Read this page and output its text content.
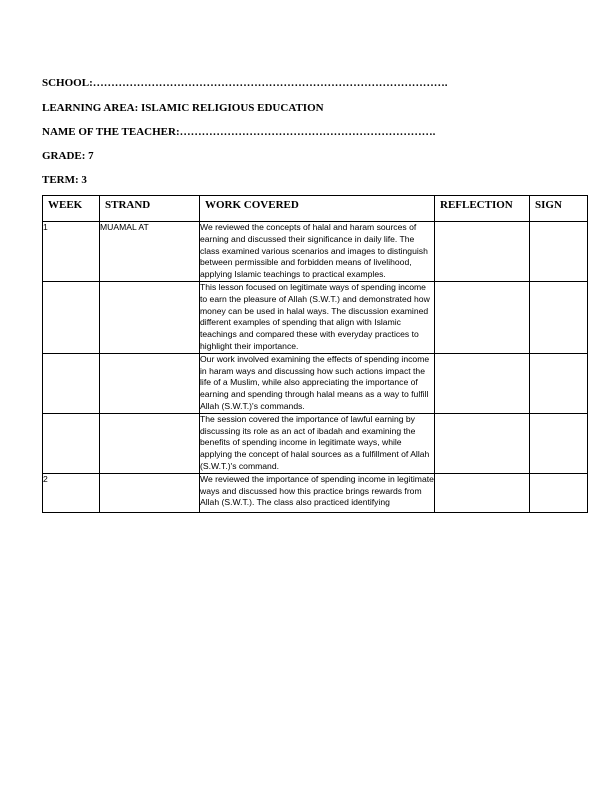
SCHOOL:…………………………………………………………………………………….
LEARNING AREA: ISLAMIC RELIGIOUS EDUCATION
NAME OF THE TEACHER:…………………………………………………………….
GRADE: 7
TERM: 3
WEEK	STRAND	WORK COVERED	REFLECTION	SIGN
1	MUAMAL AT	We reviewed the concepts of halal and haram sources of earning and discussed their significance in daily life. The class examined various scenarios and images to distinguish between permissible and forbidden means of livelihood, applying Islamic teachings to practical examples.		
		This lesson focused on legitimate ways of spending income to earn the pleasure of Allah (S.W.T.) and demonstrated how money can be used in halal ways. The discussion examined different examples of spending that align with Islamic teachings and compared these with everyday practices to highlight their importance.		
		Our work involved examining the effects of spending income in haram ways and discussing how such actions impact the life of a Muslim, while also appreciating the importance of earning and spending through halal means as a way to fulfill Allah (S.W.T.)'s commands.		
		The session covered the importance of lawful earning by discussing its role as an act of ibadah and examining the benefits of spending income in legitimate ways, while applying the concept of halal sources as a fulfillment of Allah (S.W.T.)'s command.		
2		We reviewed the importance of spending income in legitimate ways and discussed how this practice brings rewards from Allah (S.W.T.). The class also practiced identifying		
